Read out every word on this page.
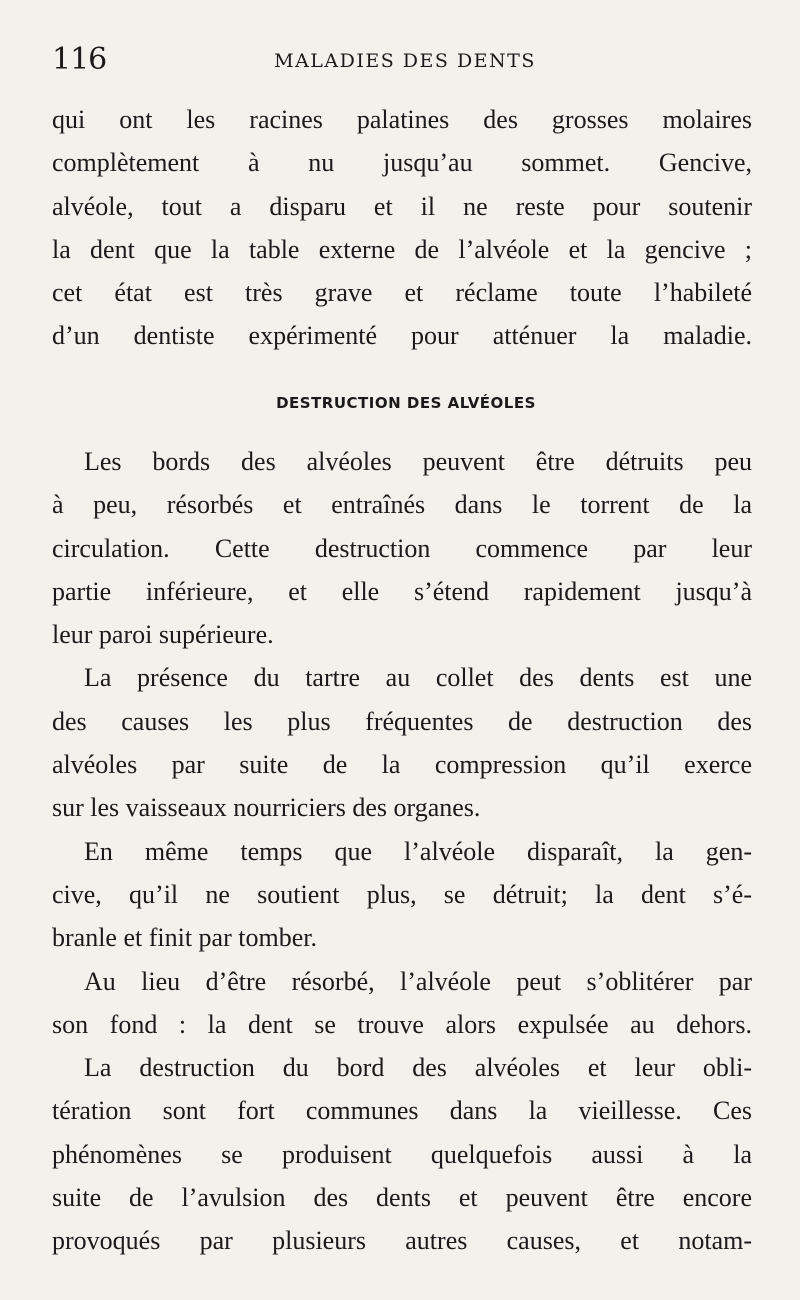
116	MALADIES DES DENTS
qui ont les racines palatines des grosses molaires
complètement à nu jusqu’au sommet. Gencive,
alvéole, tout a disparu et il ne reste pour soutenir
la dent que la table externe de l’alvéole et la gencive ;
cet état est très grave et réclame toute l’habileté
d’un dentiste expérimenté pour atténuer la maladie.
DESTRUCTION DES ALVÉOLES
Les bords des alvéoles peuvent être détruits peu
à peu, résorbés et entraînés dans le torrent de la
circulation. Cette destruction commence par leur
partie inférieure, et elle s’étend rapidement jusqu’à
leur paroi supérieure.
La présence du tartre au collet des dents est une
des causes les plus fréquentes de destruction des
alvéoles par suite de la compression qu’il exerce
sur les vaisseaux nourriciers des organes.
En même temps que l’alvéole disparaît, la gen-
cive, qu’il ne soutient plus, se détruit; la dent s’é-
branle et finit par tomber.
Au lieu d’être résorbé, l’alvéole peut s’oblitérer par
son fond : la dent se trouve alors expulsée au dehors.
La destruction du bord des alvéoles et leur obli-
tération sont fort communes dans la vieillesse. Ces
phénomènes se produisent quelquefois aussi à la
suite de l’avulsion des dents et peuvent être encore
provoqués par plusieurs autres causes, et notam-
